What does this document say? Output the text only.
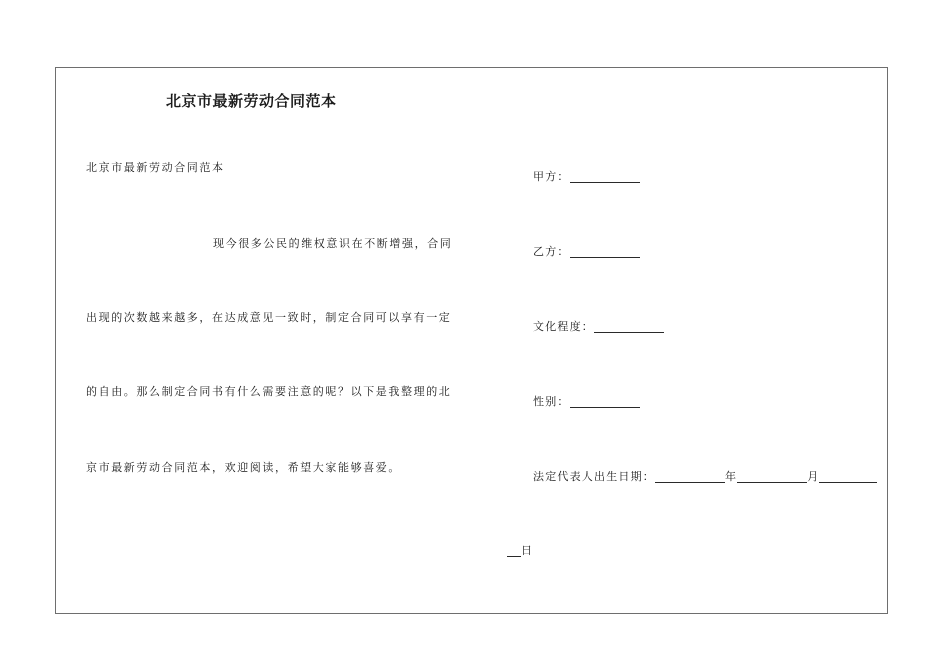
北京市最新劳动合同范本
北京市最新劳动合同范本
现今很多公民的维权意识在不断增强，合同
出现的次数越来越多，在达成意见一致时，制定合同可以享有一定
的自由。那么制定合同书有什么需要注意的呢？以下是我整理的北
京市最新劳动合同范本，欢迎阅读，希望大家能够喜爱。
甲方：
乙方：
文化程度：
性别：
法定代表人出生日期：	年	月
日
